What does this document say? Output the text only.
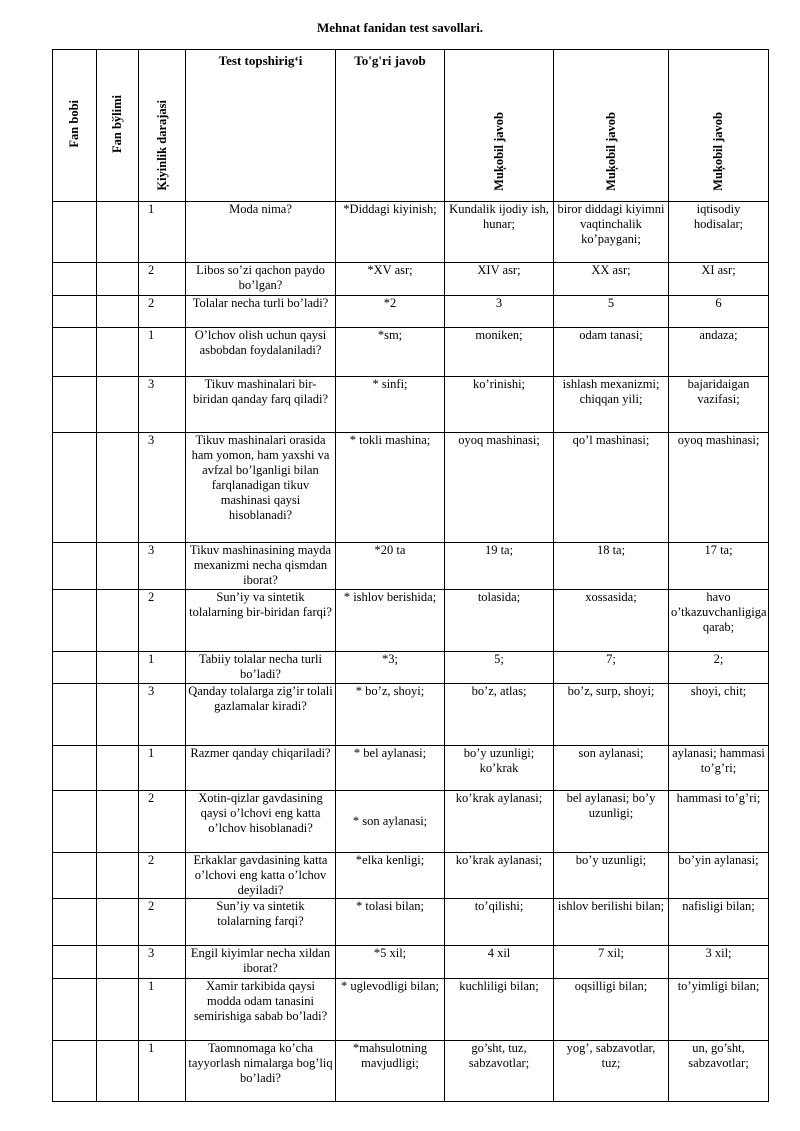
Mehnat fanidan test savollari.
Fan bobi	Fan bўlimi	Ķiyinlik darajasi	Test topshirig‘i	To'g'ri javob	Muķobil javob	Muķobil javob	Muķobil javob
		1	Moda nima?	*Diddagi kiyinish;	Kundalik ijodiy ish, hunar;	biror diddagi kiyimni vaqtinchalik ko’paygani;	iqtisodiy hodisalar;
		2	Libos so’zi qachon paydo bo’lgan?	*XV asr;	XIV asr;	XX asr;	XI asr;
		2	Tolalar necha turli bo’ladi?	*2	3	5	6
		1	O’lchov olish uchun qaysi asbobdan foydalaniladi?	*sm;	moniken;	odam tanasi;	andaza;
		3	Tikuv mashinalari bir-biridan qanday farq qiladi?	* sinfi;	ko’rinishi;	ishlash mexanizmi; chiqqan yili;	bajaridaigan vazifasi;
		3	Tikuv mashinalari orasida ham yomon, ham yaxshi va avfzal bo’lganligi bilan farqlanadigan tikuv mashinasi qaysi hisoblanadi?	* tokli mashina;	oyoq mashinasi;	qo’l mashinasi;	oyoq mashinasi;
		3	Tikuv mashinasining mayda mexanizmi necha qismdan iborat?	*20 ta	19 ta;	18 ta;	17 ta;
		2	Sun’iy va sintetik tolalarning bir-biridan farqi?	* ishlov berishida;	tolasida;	xossasida;	havo o’tkazuvchanligiga qarab;
		1	Tabiiy tolalar necha turli bo’ladi?	*3;	5;	7;	2;
		3	Qanday tolalarga zig’ir tolali gazlamalar kiradi?	* bo’z, shoyi;	bo’z, atlas;	bo’z, surp, shoyi;	shoyi, chit;
		1	Razmer qanday chiqariladi?	* bel aylanasi;	bo’y uzunligi; ko’krak	son aylanasi;	aylanasi; hammasi to’g’ri;
		2	Xotin-qizlar gavdasining qaysi o’lchovi eng katta o’lchov hisoblanadi?	* son aylanasi;	ko’krak aylanasi;	bel aylanasi; bo’y uzunligi;	hammasi to’g’ri;
		2	Erkaklar gavdasining katta o’lchovi eng katta o’lchov deyiladi?	*elka kenligi;	ko’krak aylanasi;	bo’y uzunligi;	bo’yin aylanasi;
		2	Sun’iy va sintetik tolalarning farqi?	* tolasi bilan;	to’qilishi;	ishlov berilishi bilan;	nafisligi bilan;
		3	Engil kiyimlar necha xildan iborat?	*5 xil;	4 xil	7 xil;	3 xil;
		1	Xamir tarkibida qaysi modda odam tanasini semirishiga sabab bo’ladi?	* uglevodligi bilan;	kuchliligi bilan;	oqsilligi bilan;	to’yimligi bilan;
		1	Taomnomaga ko’cha tayyorlash nimalarga bog’liq bo’ladi?	*mahsulotning mavjudligi;	go’sht, tuz, sabzavotlar;	yog’, sabzavotlar, tuz;	un, go’sht, sabzavotlar;
